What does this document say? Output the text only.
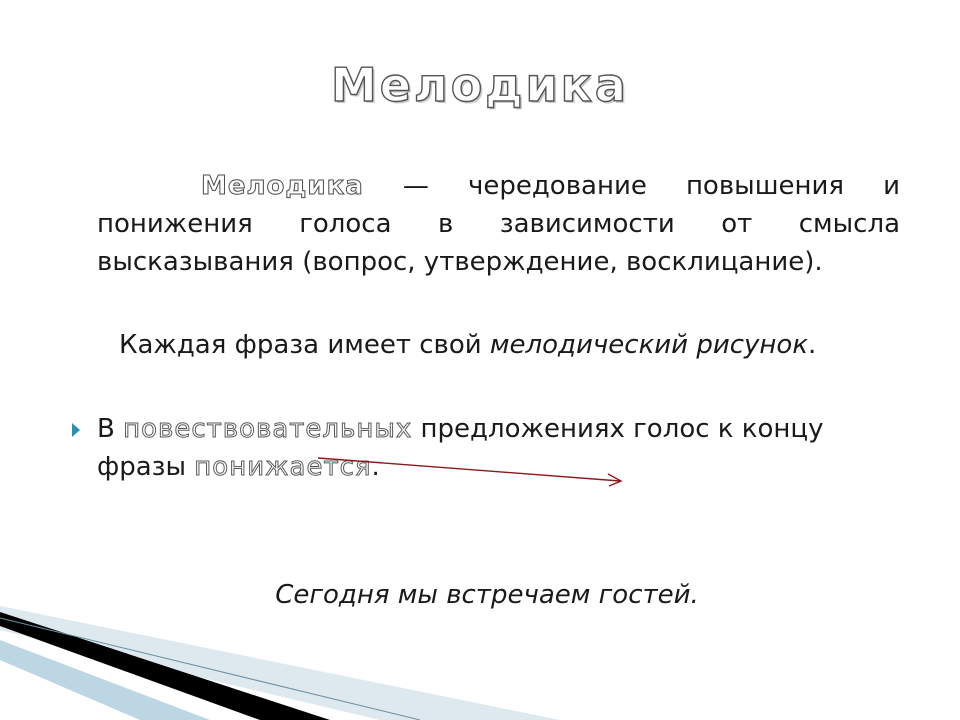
Мелодика

Мелодика — чередование повышения и понижения голоса в зависимости от смысла высказывания (вопрос, утверждение, восклицание).

Каждая фраза имеет свой мелодический рисунок.

В повествовательных предложениях голос к концу фразы понижается.

Сегодня мы встречаем гостей.
